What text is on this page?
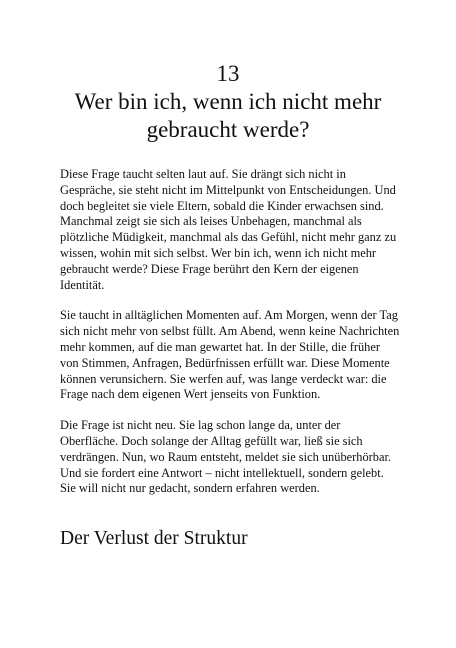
13
Wer bin ich, wenn ich nicht mehr gebraucht werde?

Diese Frage taucht selten laut auf. Sie drängt sich nicht in Gespräche, sie steht nicht im Mittelpunkt von Entscheidungen. Und doch begleitet sie viele Eltern, sobald die Kinder erwachsen sind. Manchmal zeigt sie sich als leises Unbehagen, manchmal als plötzliche Müdigkeit, manchmal als das Gefühl, nicht mehr ganz zu wissen, wohin mit sich selbst. Wer bin ich, wenn ich nicht mehr gebraucht werde? Diese Frage berührt den Kern der eigenen Identität.

Sie taucht in alltäglichen Momenten auf. Am Morgen, wenn der Tag sich nicht mehr von selbst füllt. Am Abend, wenn keine Nachrichten mehr kommen, auf die man gewartet hat. In der Stille, die früher von Stimmen, Anfragen, Bedürfnissen erfüllt war. Diese Momente können verunsichern. Sie werfen auf, was lange verdeckt war: die Frage nach dem eigenen Wert jenseits von Funktion.

Die Frage ist nicht neu. Sie lag schon lange da, unter der Oberfläche. Doch solange der Alltag gefüllt war, ließ sie sich verdrängen. Nun, wo Raum entsteht, meldet sie sich unüberhörbar. Und sie fordert eine Antwort – nicht intellektuell, sondern gelebt. Sie will nicht nur gedacht, sondern erfahren werden.

Der Verlust der Struktur
